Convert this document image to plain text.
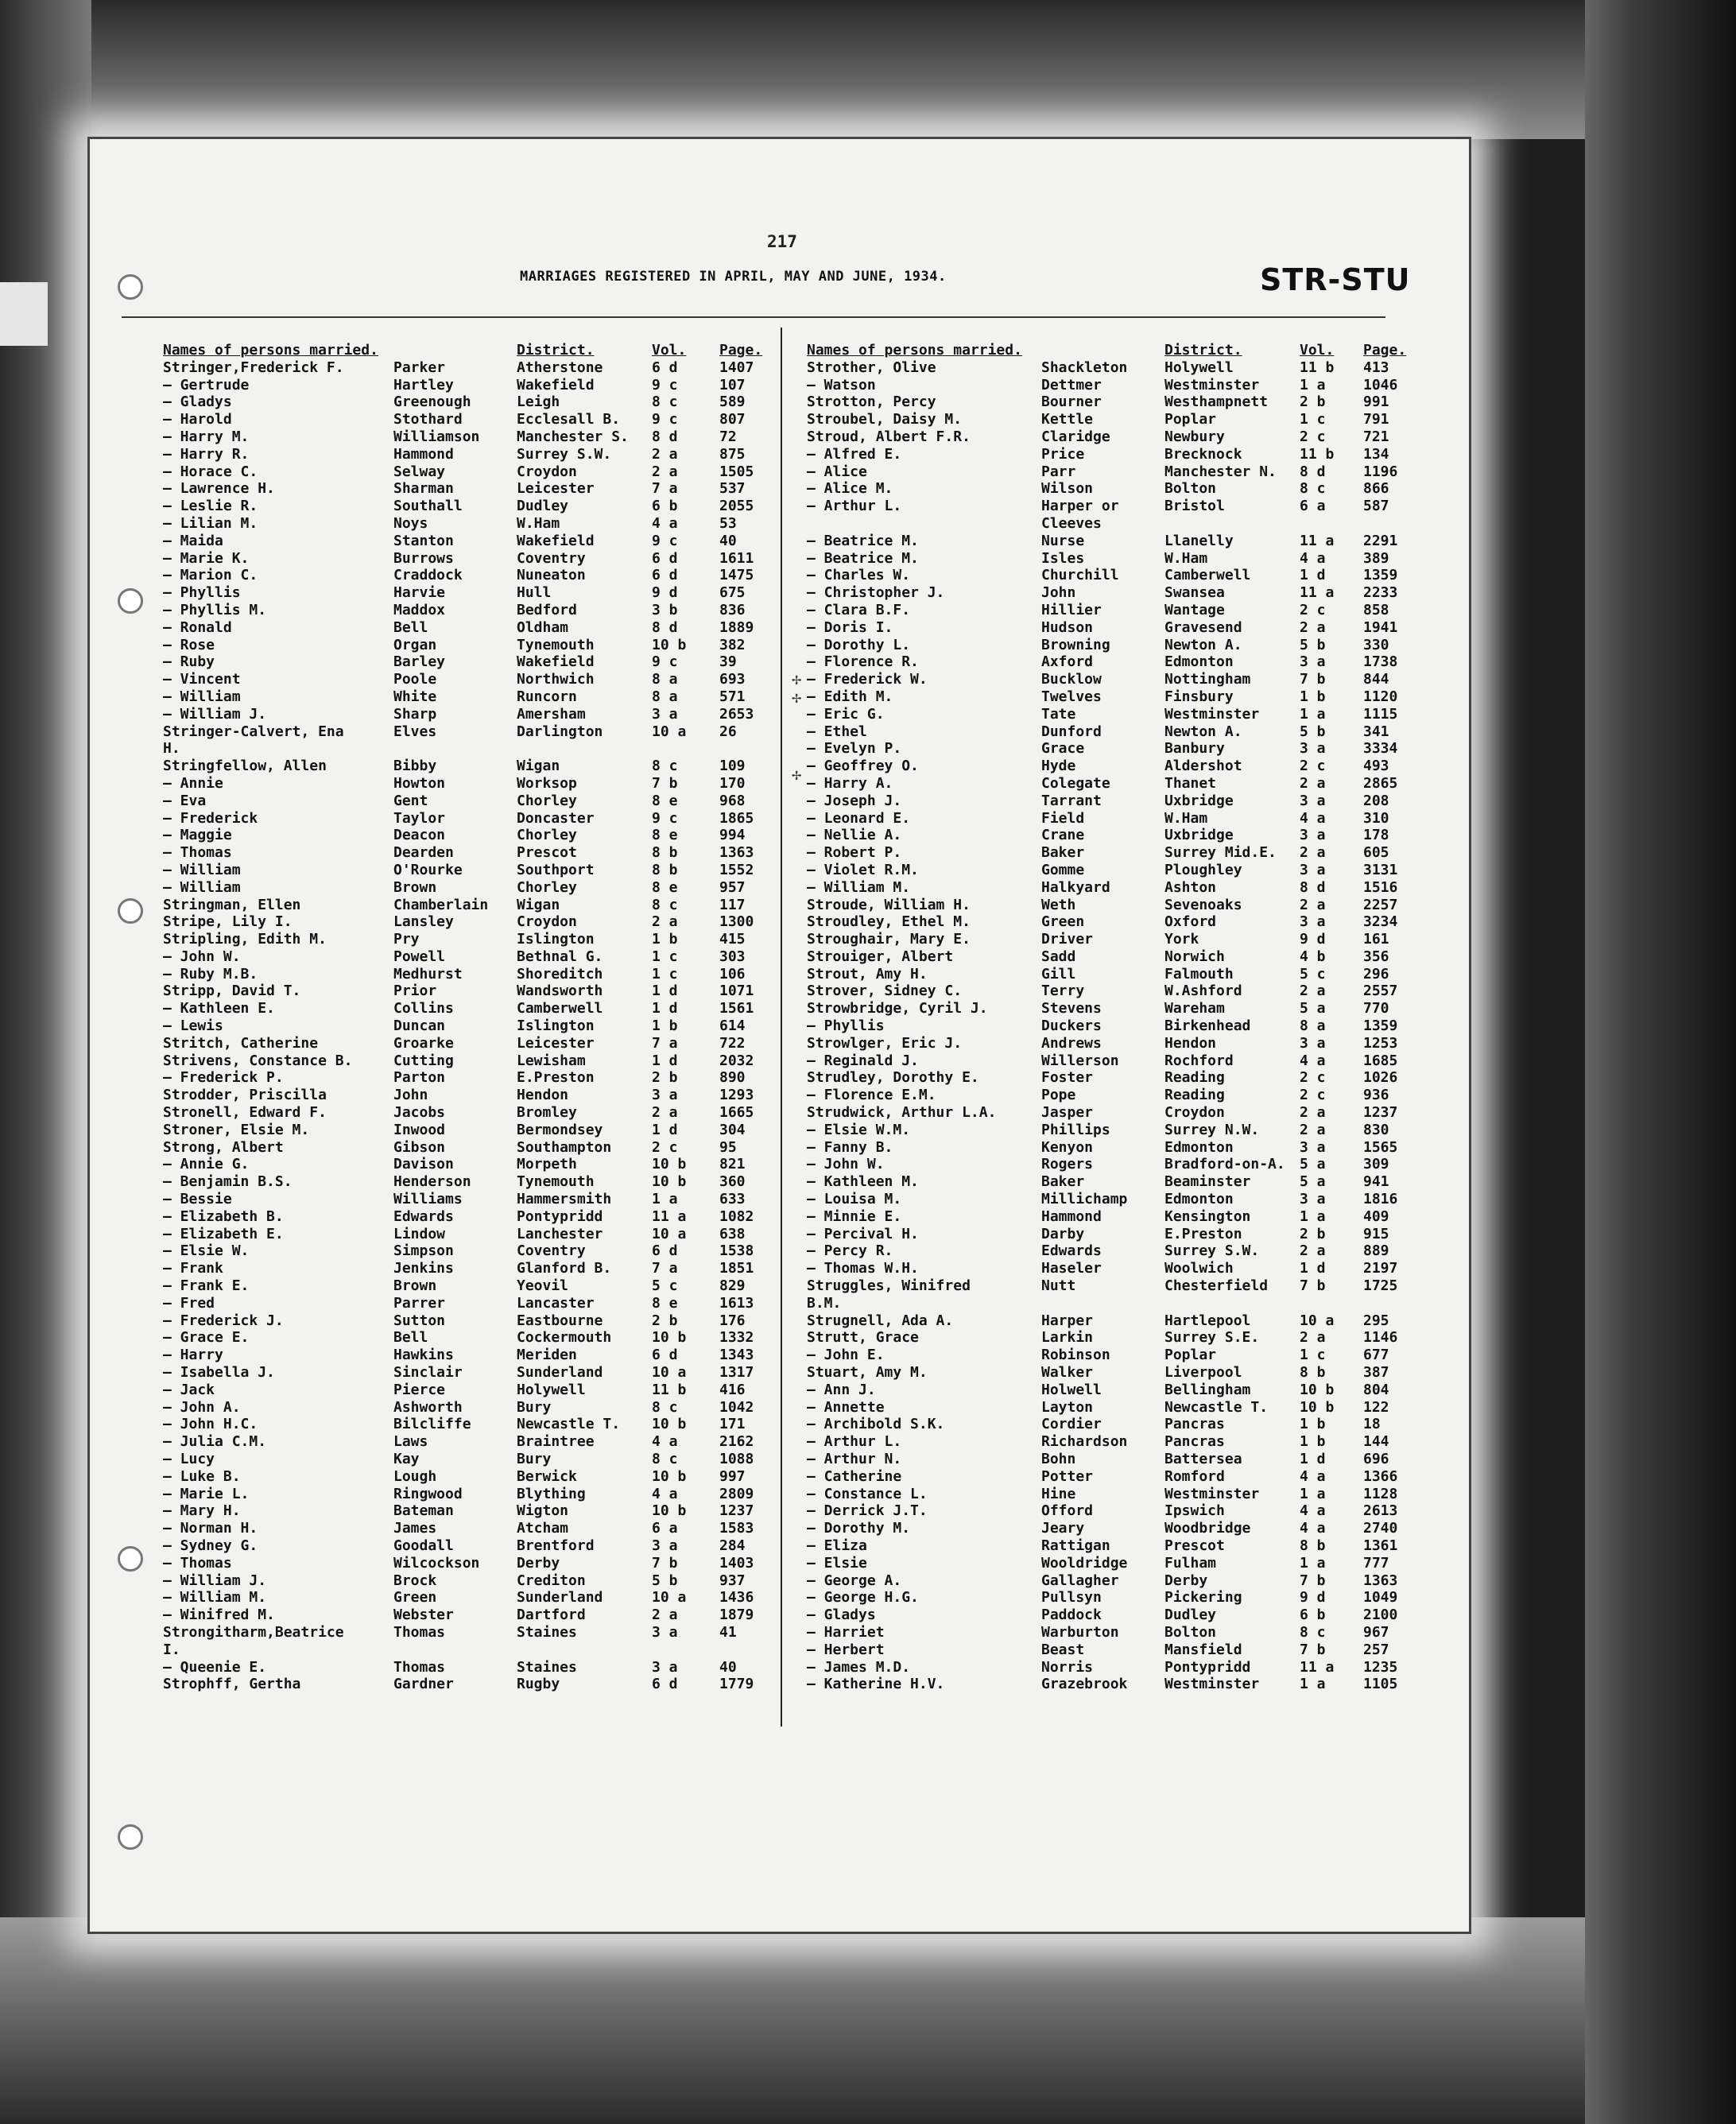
217
MARRIAGES REGISTERED IN APRIL, MAY AND JUNE, 1934.	STR-STU
✢
✢
✢
Names of persons married.	District.	Vol. Page.
Stringer,Frederick F.	Parker	Atherstone	6 d	1407
— Gertrude	Hartley	Wakefield	9 c	107
— Gladys	Greenough	Leigh	8 c	589
— Harold	Stothard	Ecclesall B. 9 c	807
— Harry M.	Williamson	Manchester S. 8 d	72
— Harry R.	Hammond	Surrey S.W.	2 a	875
— Horace C.	Selway	Croydon	2 a	1505
— Lawrence H.	Sharman	Leicester	7 a	537
— Leslie R.	Southall	Dudley	6 b	2055
— Lilian M.	Noys	W.Ham	4 a	53
— Maida	Stanton	Wakefield	9 c	40
— Marie K.	Burrows	Coventry	6 d	1611
— Marion C.	Craddock	Nuneaton	6 d	1475
— Phyllis	Harvie	Hull	9 d	675
— Phyllis M.	Maddox	Bedford	3 b	836
— Ronald	Bell	Oldham	8 d	1889
— Rose	Organ	Tynemouth	10 b 382
— Ruby	Barley	Wakefield	9 c	39
— Vincent	Poole	Northwich	8 a	693
— William	White	Runcorn	8 a	571
— William J.	Sharp	Amersham	3 a	2653
Stringer-Calvert, Ena	Elves	Darlington	10 a 26
H.
Stringfellow, Allen	Bibby	Wigan	8 c	109
— Annie	Howton	Worksop	7 b	170
— Eva	Gent	Chorley	8 e	968
— Frederick	Taylor	Doncaster	9 c	1865
— Maggie	Deacon	Chorley	8 e	994
— Thomas	Dearden	Prescot	8 b	1363
— William	O'Rourke	Southport	8 b	1552
— William	Brown	Chorley	8 e	957
Stringman, Ellen	Chamberlain Wigan	8 c	117
Stripe, Lily I.	Lansley	Croydon	2 a	1300
Stripling, Edith M.	Pry	Islington	1 b	415
— John W.	Powell	Bethnal G.	1 c	303
— Ruby M.B.	Medhurst	Shoreditch	1 c	106
Stripp, David T.	Prior	Wandsworth	1 d	1071
— Kathleen E.	Collins	Camberwell	1 d	1561
— Lewis	Duncan	Islington	1 b	614
Stritch, Catherine	Groarke	Leicester	7 a	722
Strivens, Constance B.	Cutting	Lewisham	1 d	2032
— Frederick P.	Parton	E.Preston	2 b	890
Strodder, Priscilla	John	Hendon	3 a	1293
Stronell, Edward F.	Jacobs	Bromley	2 a	1665
Stroner, Elsie M.	Inwood	Bermondsey	1 d	304
Strong, Albert	Gibson	Southampton	2 c	95
— Annie G.	Davison	Morpeth	10 b 821
— Benjamin B.S.	Henderson	Tynemouth	10 b 360
— Bessie	Williams	Hammersmith	1 a	633
— Elizabeth B.	Edwards	Pontypridd	11 a 1082
— Elizabeth E.	Lindow	Lanchester	10 a 638
— Elsie W.	Simpson	Coventry	6 d	1538
— Frank	Jenkins	Glanford B.	7 a	1851
— Frank E.	Brown	Yeovil	5 c	829
— Fred	Parrer	Lancaster	8 e	1613
— Frederick J.	Sutton	Eastbourne	2 b	176
— Grace E.	Bell	Cockermouth	10 b 1332
— Harry	Hawkins	Meriden	6 d	1343
— Isabella J.	Sinclair	Sunderland	10 a 1317
— Jack	Pierce	Holywell	11 b 416
— John A.	Ashworth	Bury	8 c	1042
— John H.C.	Bilcliffe	Newcastle T. 10 b 171
— Julia C.M.	Laws	Braintree	4 a	2162
— Lucy	Kay	Bury	8 c	1088
— Luke B.	Lough	Berwick	10 b 997
— Marie L.	Ringwood	Blything	4 a	2809
— Mary H.	Bateman	Wigton	10 b 1237
— Norman H.	James	Atcham	6 a	1583
— Sydney G.	Goodall	Brentford	3 a	284
— Thomas	Wilcockson	Derby	7 b	1403
— William J.	Brock	Crediton	5 b	937
— William M.	Green	Sunderland	10 a 1436
— Winifred M.	Webster	Dartford	2 a	1879
Strongitharm,Beatrice	Thomas	Staines	3 a	41
I.
— Queenie E.	Thomas	Staines	3 a	40
Strophff, Gertha	Gardner	Rugby	6 d	1779
Names of persons married.	District.	Vol. Page.
Strother, Olive	Shackleton	Holywell	11 b 413
— Watson	Dettmer	Westminster	1 a	1046
Strotton, Percy	Bourner	Westhampnett 2 b	991
Stroubel, Daisy M.	Kettle	Poplar	1 c	791
Stroud, Albert F.R.	Claridge	Newbury	2 c	721
— Alfred E.	Price	Brecknock	11 b 134
— Alice	Parr	Manchester N. 8 d	1196
— Alice M.	Wilson	Bolton	8 c	866
— Arthur L.	Harper or	Bristol	6 a	587
Cleeves
— Beatrice M.	Nurse	Llanelly	11 a 2291
— Beatrice M.	Isles	W.Ham	4 a	389
— Charles W.	Churchill	Camberwell	1 d	1359
— Christopher J.	John	Swansea	11 a 2233
— Clara B.F.	Hillier	Wantage	2 c	858
— Doris I.	Hudson	Gravesend	2 a	1941
— Dorothy L.	Browning	Newton A.	5 b	330
— Florence R.	Axford	Edmonton	3 a	1738
— Frederick W.	Bucklow	Nottingham	7 b	844
— Edith M.	Twelves	Finsbury	1 b	1120
— Eric G.	Tate	Westminster	1 a	1115
— Ethel	Dunford	Newton A.	5 b	341
— Evelyn P.	Grace	Banbury	3 a	3334
— Geoffrey O.	Hyde	Aldershot	2 c	493
— Harry A.	Colegate	Thanet	2 a	2865
— Joseph J.	Tarrant	Uxbridge	3 a	208
— Leonard E.	Field	W.Ham	4 a	310
— Nellie A.	Crane	Uxbridge	3 a	178
— Robert P.	Baker	Surrey Mid.E. 2 a	605
— Violet R.M.	Gomme	Ploughley	3 a	3131
— William M.	Halkyard	Ashton	8 d	1516
Stroude, William H.	Weth	Sevenoaks	2 a	2257
Stroudley, Ethel M.	Green	Oxford	3 a	3234
Stroughair, Mary E.	Driver	York	9 d	161
Strouiger, Albert	Sadd	Norwich	4 b	356
Strout, Amy H.	Gill	Falmouth	5 c	296
Strover, Sidney C.	Terry	W.Ashford	2 a	2557
Strowbridge, Cyril J.	Stevens	Wareham	5 a	770
— Phyllis	Duckers	Birkenhead	8 a	1359
Strowlger, Eric J.	Andrews	Hendon	3 a	1253
— Reginald J.	Willerson	Rochford	4 a	1685
Strudley, Dorothy E.	Foster	Reading	2 c	1026
— Florence E.M.	Pope	Reading	2 c	936
Strudwick, Arthur L.A.	Jasper	Croydon	2 a	1237
— Elsie W.M.	Phillips	Surrey N.W.	2 a	830
— Fanny B.	Kenyon	Edmonton	3 a	1565
— John W.	Rogers	Bradford-on-A. 5 a	309
— Kathleen M.	Baker	Beaminster	5 a	941
— Louisa M.	Millichamp	Edmonton	3 a	1816
— Minnie E.	Hammond	Kensington	1 a	409
— Percival H.	Darby	E.Preston	2 b	915
— Percy R.	Edwards	Surrey S.W.	2 a	889
— Thomas W.H.	Haseler	Woolwich	1 d	2197
Struggles, Winifred	Nutt	Chesterfield 7 b	1725
B.M.
Strugnell, Ada A.	Harper	Hartlepool	10 a 295
Strutt, Grace	Larkin	Surrey S.E.	2 a	1146
— John E.	Robinson	Poplar	1 c	677
Stuart, Amy M.	Walker	Liverpool	8 b	387
— Ann J.	Holwell	Bellingham	10 b 804
— Annette	Layton	Newcastle T. 10 b 122
— Archibold S.K.	Cordier	Pancras	1 b	18
— Arthur L.	Richardson	Pancras	1 b	144
— Arthur N.	Bohn	Battersea	1 d	696
— Catherine	Potter	Romford	4 a	1366
— Constance L.	Hine	Westminster	1 a	1128
— Derrick J.T.	Offord	Ipswich	4 a	2613
— Dorothy M.	Jeary	Woodbridge	4 a	2740
— Eliza	Rattigan	Prescot	8 b	1361
— Elsie	Wooldridge	Fulham	1 a	777
— George A.	Gallagher	Derby	7 b	1363
— George H.G.	Pullsyn	Pickering	9 d	1049
— Gladys	Paddock	Dudley	6 b	2100
— Harriet	Warburton	Bolton	8 c	967
— Herbert	Beast	Mansfield	7 b	257
— James M.D.	Norris	Pontypridd	11 a 1235
— Katherine H.V.	Grazebrook	Westminster	1 a	1105
